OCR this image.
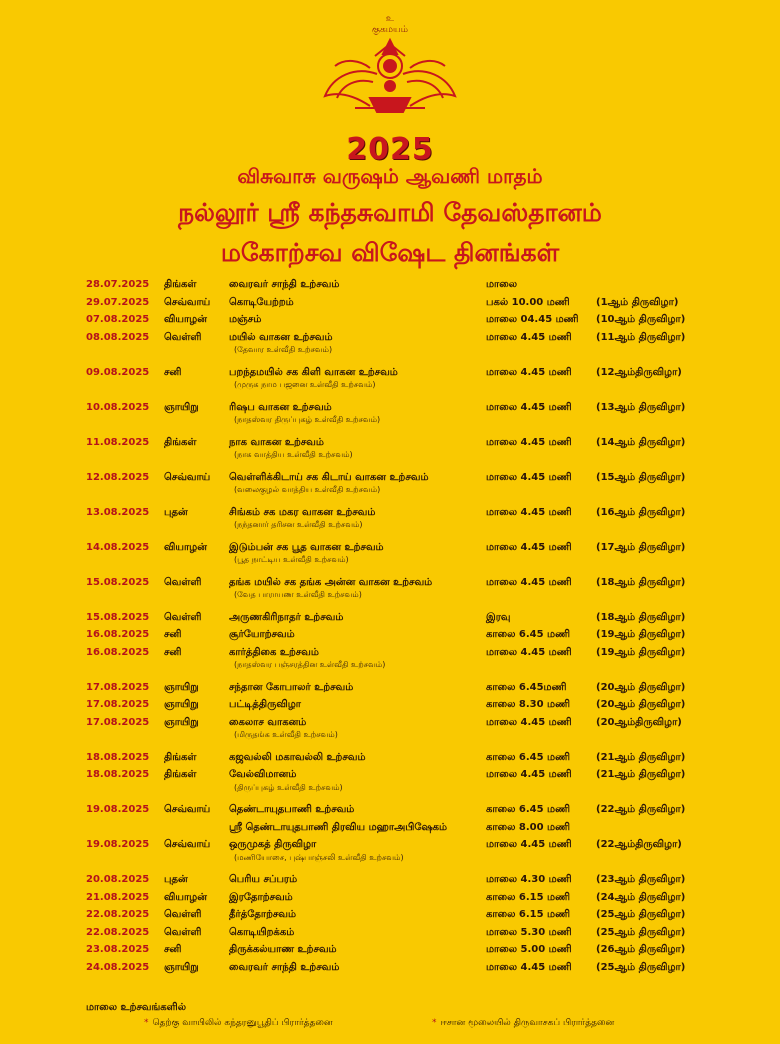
உ
குகமயம்
2025
விசுவாசு வருஷம் ஆவணி மாதம்
நல்லூர் ஸ்ரீ கந்தசுவாமி தேவஸ்தானம்
மகோற்சவ விஷேட தினங்கள்
28.07.2025 திங்கள்	வைரவர் சாந்தி உற்சவம்	மாலை
29.07.2025 செவ்வாய் கொடியேற்றம்	பகல் 10.00 மணி	(1ஆம் திருவிழா)
07.08.2025 வியாழன் மஞ்சம்	மாலை 04.45 மணி (10ஆம் திருவிழா)
08.08.2025 வெள்ளி	மயில் வாகன உற்சவம்	மாலை 4.45 மணி (11ஆம் திருவிழா)
(தேவார உள்வீதி உற்சவம்)
09.08.2025 சனி	பறந்தமயில் சக கிளி வாகன உற்சவம்	மாலை 4.45 மணி (12ஆம்திருவிழா)
(முருக நாம பஜனை உள்வீதி உற்சவம்)
10.08.2025 ஞாயிறு	ரிஷப வாகன உற்சவம்	மாலை 4.45 மணி (13ஆம் திருவிழா)
(நாதஸ்வர திருப்புகழ் உள்வீதி உற்சவம்)
11.08.2025 திங்கள்	நாக வாகன உற்சவம்	மாலை 4.45 மணி (14ஆம் திருவிழா)
(நாக வாத்திய உள்வீதி உற்சவம்)
12.08.2025 செவ்வாய் வெள்ளிக்கிடாய் சக கிடாய் வாகன உற்சவம்	மாலை 4.45 மணி (15ஆம் திருவிழா)
(வலைகுழல் வாத்திய உள்வீதி உற்சவம்)
13.08.2025 புதன்	சிங்கம் சக மகர வாகன உற்சவம்	மாலை 4.45 மணி (16ஆம் திருவிழா)
(நந்தனார் தரிசன உள்வீதி உற்சவம்)
14.08.2025 வியாழன் இடும்பன் சக பூத வாகன உற்சவம்	மாலை 4.45 மணி (17ஆம் திருவிழா)
(பூத நாட்டிய உள்வீதி உற்சவம்)
15.08.2025 வெள்ளி	தங்க மயில் சக தங்க அன்ன வாகன உற்சவம்	மாலை 4.45 மணி (18ஆம் திருவிழா)
(வேத பாராயண உள்வீதி உற்சவம்)
15.08.2025 வெள்ளி	அருணகிரிநாதர் உற்சவம்	இரவு	(18ஆம் திருவிழா)
16.08.2025 சனி	சூர்யோற்சவம்	காலை 6.45 மணி	(19ஆம் திருவிழா)
16.08.2025 சனி	கார்த்திகை உற்சவம்	மாலை 4.45 மணி (19ஆம் திருவிழா)
(நாதஸ்வர பஞ்சரத்தின உள்வீதி உற்சவம்)
17.08.2025 ஞாயிறு	சந்தான கோபாலர் உற்சவம்	காலை 6.45மணி	(20ஆம் திருவிழா)
17.08.2025 ஞாயிறு	பட்டித்திருவிழா	காலை 8.30 மணி	(20ஆம் திருவிழா)
17.08.2025 ஞாயிறு	கைலாச வாகனம்	மாலை 4.45 மணி (20ஆம்திருவிழா)
(மிருதங்க உள்வீதி உற்சவம்)
18.08.2025 திங்கள்	கஜவல்லி மகாவல்லி உற்சவம்	காலை 6.45 மணி	(21ஆம் திருவிழா)
18.08.2025 திங்கள்	வேல்விமானம்	மாலை 4.45 மணி (21ஆம் திருவிழா)
(திருப்புகழ் உள்வீதி உற்சவம்)
19.08.2025 செவ்வாய் தெண்டாயுதபாணி உற்சவம்	காலை 6.45 மணி	(22ஆம் திருவிழா)
ஸ்ரீ தெண்டாயுதபாணி திரவிய மஹாஅபிஷேகம்	காலை 8.00 மணி
19.08.2025 செவ்வாய் ஒருமுகத் திருவிழா	மாலை 4.45 மணி (22ஆம்திருவிழா)
(மணியோசை, புஷ்பாஞ்சலி உள்வீதி உற்சவம்)
20.08.2025 புதன்	பெரிய சப்பரம்	மாலை 4.30 மணி (23ஆம் திருவிழா)
21.08.2025 வியாழன் இரதோற்சவம்	காலை 6.15 மணி	(24ஆம் திருவிழா)
22.08.2025 வெள்ளி	தீர்த்தோற்சவம்	காலை 6.15 மணி	(25ஆம் திருவிழா)
22.08.2025 வெள்ளி	கொடியிறக்கம்	மாலை 5.30 மணி (25ஆம் திருவிழா)
23.08.2025 சனி	திருக்கல்யாண உற்சவம்	மாலை 5.00 மணி (26ஆம் திருவிழா)
24.08.2025 ஞாயிறு	வைரவர் சாந்தி உற்சவம்	மாலை 4.45 மணி (25ஆம் திருவிழா)
மாலை உற்சவங்களில்
* தெற்கு வாயிலில் கந்தரனுபூதிப் பிரார்த்தனை	* ஈசான மூலையில் திருவாசகப் பிரார்த்தனை
